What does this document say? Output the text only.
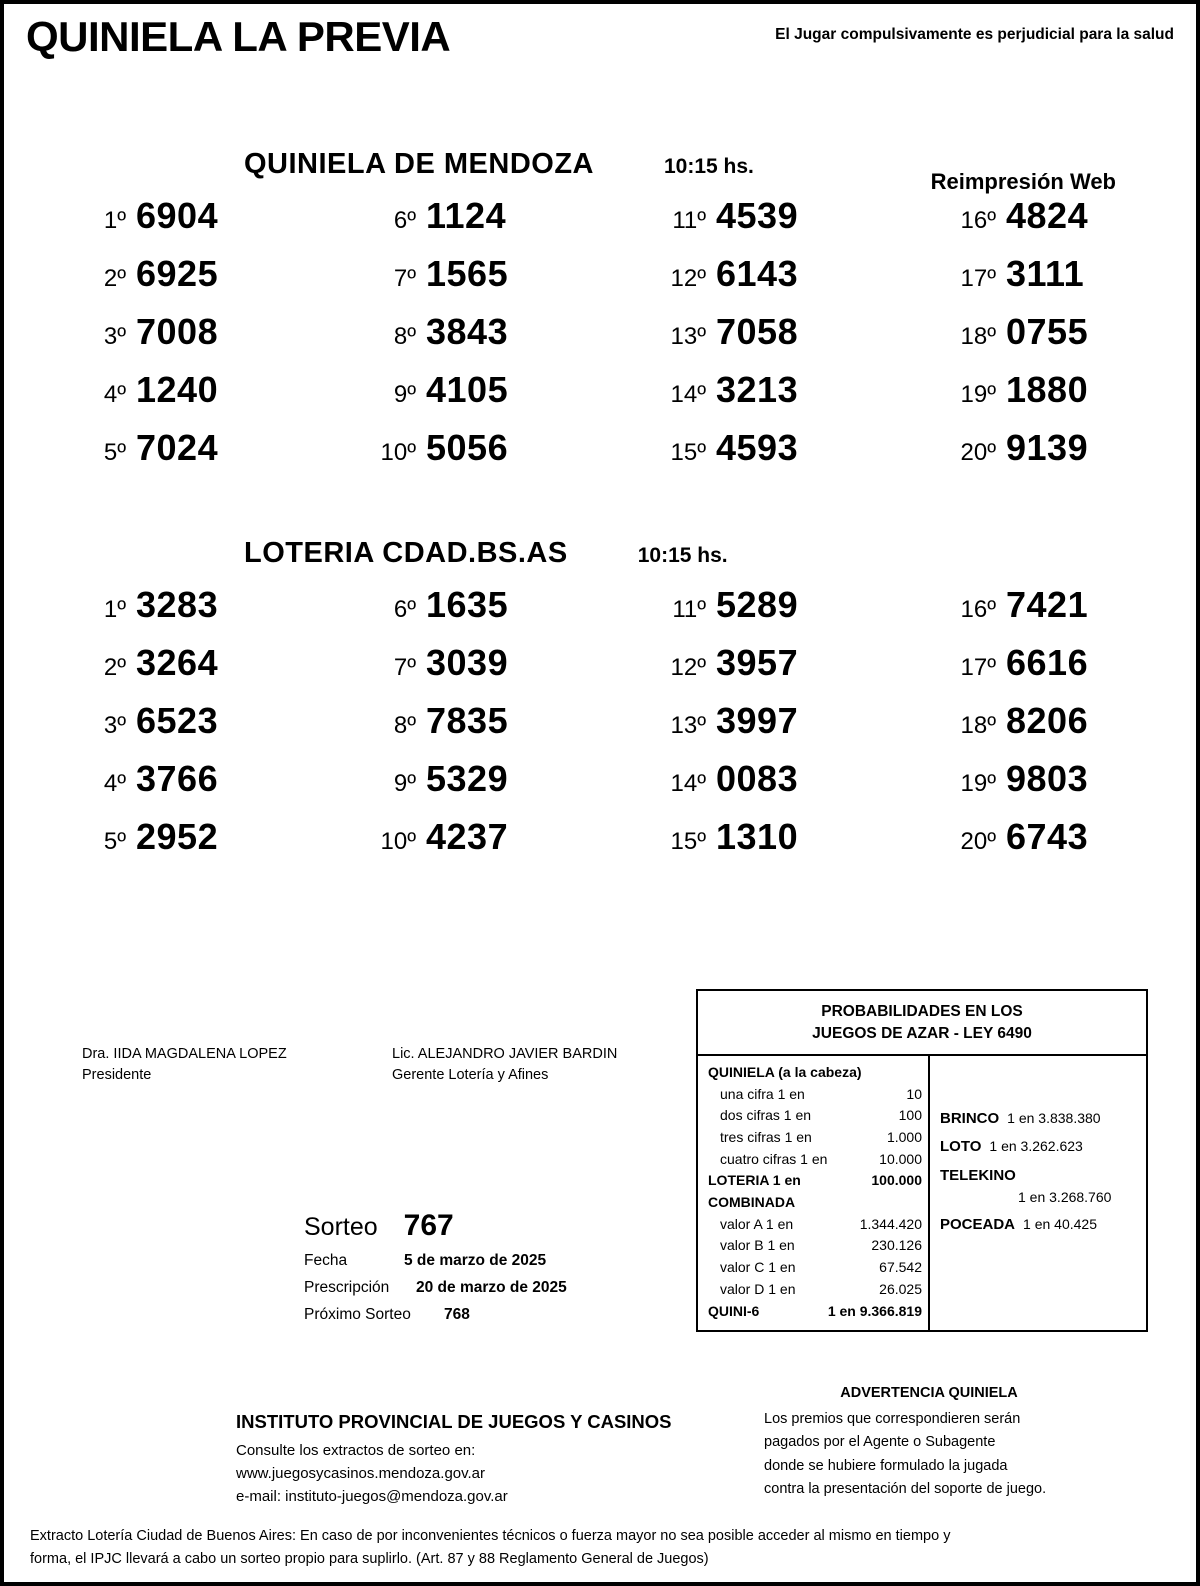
QUINIELA LA PREVIA	El Jugar compulsivamente es perjudicial para la salud
Reimpresión Web
QUINIELA DE MENDOZA	10:15 hs.
1º 6904	6º 1124	11º 4539	16º 4824
2º 6925	7º 1565	12º 6143	17º 3111
3º 7008	8º 3843	13º 7058	18º 0755
4º 1240	9º 4105	14º 3213	19º 1880
5º 7024	10º 5056	15º 4593	20º 9139
LOTERIA CDAD.BS.AS	10:15 hs.
1º 3283	6º 1635	11º 5289	16º 7421
2º 3264	7º 3039	12º 3957	17º 6616
3º 6523	8º 7835	13º 3997	18º 8206
4º 3766	9º 5329	14º 0083	19º 9803
5º 2952	10º 4237	15º 1310	20º 6743
Dra. IIDA MAGDALENA LOPEZ
Presidente
Lic. ALEJANDRO JAVIER BARDIN
Gerente Lotería y Afines
Sorteo 767
Fecha	5 de marzo de 2025
Prescripción	20 de marzo de 2025
Próximo Sorteo	768
PROBABILIDADES EN LOS
JUEGOS DE AZAR - LEY 6490
QUINIELA (a la cabeza)
una cifra 1 en	10
dos cifras 1 en	100
tres cifras 1 en	1.000
cuatro cifras 1 en	10.000
LOTERIA 1 en	100.000
COMBINADA
valor A 1 en	1.344.420
valor B 1 en	230.126
valor C 1 en	67.542
valor D 1 en	26.025
QUINI-6	1 en 9.366.819
BRINCO 1 en 3.838.380
LOTO 1 en 3.262.623
TELEKINO
1 en 3.268.760
POCEADA 1 en 40.425
ADVERTENCIA QUINIELA
Los premios que correspondieren serán
pagados por el Agente o Subagente
donde se hubiere formulado la jugada
contra la presentación del soporte de juego.
INSTITUTO PROVINCIAL DE JUEGOS Y CASINOS
Consulte los extractos de sorteo en:
www.juegosycasinos.mendoza.gov.ar
e-mail: instituto-juegos@mendoza.gov.ar
Extracto Lotería Ciudad de Buenos Aires: En caso de por inconvenientes técnicos o fuerza mayor no sea posible acceder al mismo en tiempo y
forma, el IPJC llevará a cabo un sorteo propio para suplirlo. (Art. 87 y 88 Reglamento General de Juegos)
